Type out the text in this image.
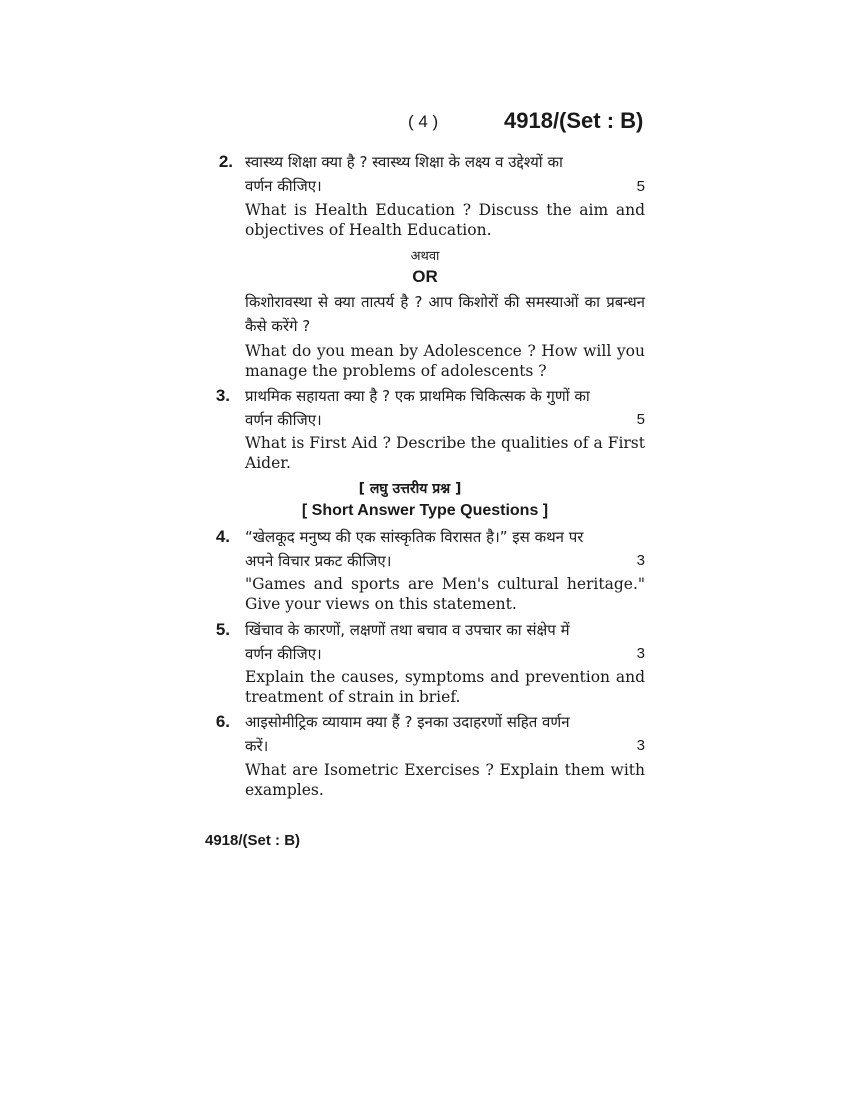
( 4 )	4918/(Set : B)
2. स्वास्थ्य शिक्षा क्या है ? स्वास्थ्य शिक्षा के लक्ष्य व उद्देश्यों का
वर्णन कीजिए।	5
What is Health Education ? Discuss the aim and objectives of Health Education.
अथवा
OR
किशोरावस्था से क्या तात्पर्य है ? आप किशोरों की समस्याओं का प्रबन्धन कैसे करेंगे ?
What do you mean by Adolescence ? How will you manage the problems of adolescents ?
3. प्राथमिक सहायता क्या है ? एक प्राथमिक चिकित्सक के गुणों का
वर्णन कीजिए।	5
What is First Aid ? Describe the qualities of a First Aider.
[ लघु उत्तरीय प्रश्न ]
[ Short Answer Type Questions ]
4. “खेलकूद मनुष्य की एक सांस्कृतिक विरासत है।” इस कथन पर
अपने विचार प्रकट कीजिए।	3
"Games and sports are Men's cultural heritage." Give your views on this statement.
5. खिंचाव के कारणों, लक्षणों तथा बचाव व उपचार का संक्षेप में
वर्णन कीजिए।	3
Explain the causes, symptoms and prevention and treatment of strain in brief.
6. आइसोमीट्रिक व्यायाम क्या हैं ? इनका उदाहरणों सहित वर्णन
करें।	3
What are Isometric Exercises ? Explain them with examples.
4918/(Set : B)
